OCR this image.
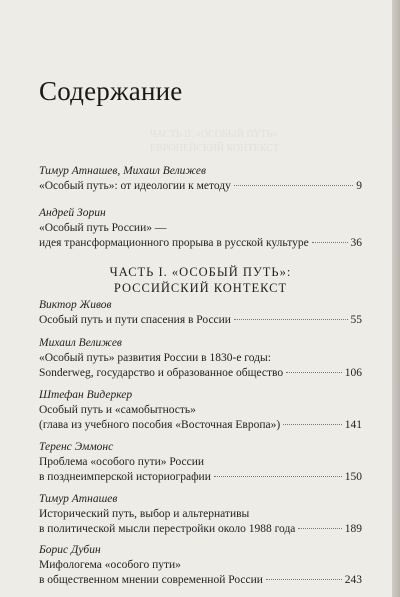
ЧАСТЬ II. «ОСОБЫЙ ПУТЬ»
ЕВРОПЕЙСКИЙ КОНТЕКСТ
Содержание
Тимур Атнашев, Михаил Велижев
«Особый путь»: от идеологии к методу	9
Андрей Зорин
«Особый путь России» —
идея трансформационного прорыва в русской культуре	36
ЧАСТЬ I. «ОСОБЫЙ ПУТЬ»:
РОССИЙСКИЙ КОНТЕКСТ
Виктор Живов
Особый путь и пути спасения в России	55
Михаил Велижев
«Особый путь» развития России в 1830-е годы:
Sonderweg, государство и образованное общество	106
Штефан Видеркер
Особый путь и «самобытность»
(глава из учебного пособия «Восточная Европа»)	141
Теренс Эммонс
Проблема «особого пути» России
в позднеимперской историографии	150
Тимур Атнашев
Исторический путь, выбор и альтернативы
в политической мысли перестройки около 1988 года	189
Борис Дубин
Мифологема «особого пути»
в общественном мнении современной России	243
